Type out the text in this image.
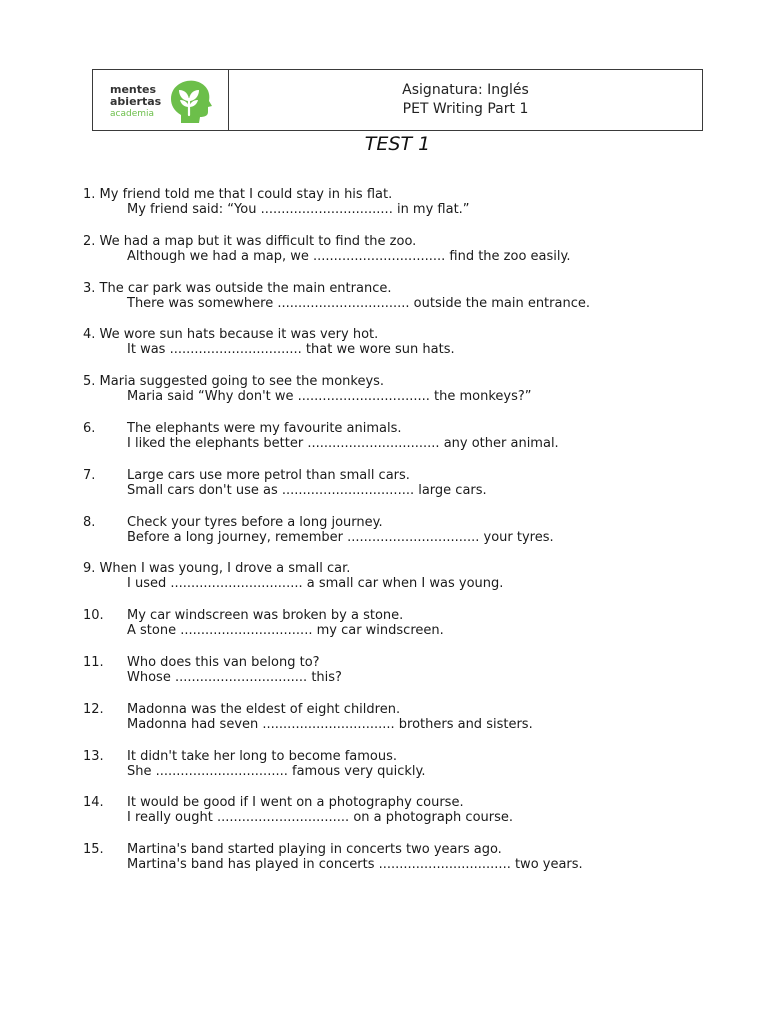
mentes
abiertas
academia
Asignatura: Inglés
PET Writing Part 1
TEST 1
1. My friend told me that I could stay in his flat.
My friend said: “You ................................ in my flat.”
2. We had a map but it was difficult to find the zoo.
Although we had a map, we ................................ find the zoo easily.
3. The car park was outside the main entrance.
There was somewhere ................................ outside the main entrance.
4. We wore sun hats because it was very hot.
It was ................................ that we wore sun hats.
5. Maria suggested going to see the monkeys.
Maria said “Why don't we ................................ the monkeys?”
6. The elephants were my favourite animals.
I liked the elephants better ................................ any other animal.
7. Large cars use more petrol than small cars.
Small cars don't use as ................................ large cars.
8. Check your tyres before a long journey.
Before a long journey, remember ................................ your tyres.
9. When I was young, I drove a small car.
I used ................................ a small car when I was young.
10. My car windscreen was broken by a stone.
A stone ................................ my car windscreen.
11. Who does this van belong to?
Whose ................................ this?
12. Madonna was the eldest of eight children.
Madonna had seven ................................ brothers and sisters.
13. It didn't take her long to become famous.
She ................................ famous very quickly.
14. It would be good if I went on a photography course.
I really ought ................................ on a photograph course.
15. Martina's band started playing in concerts two years ago.
Martina's band has played in concerts ................................ two years.
